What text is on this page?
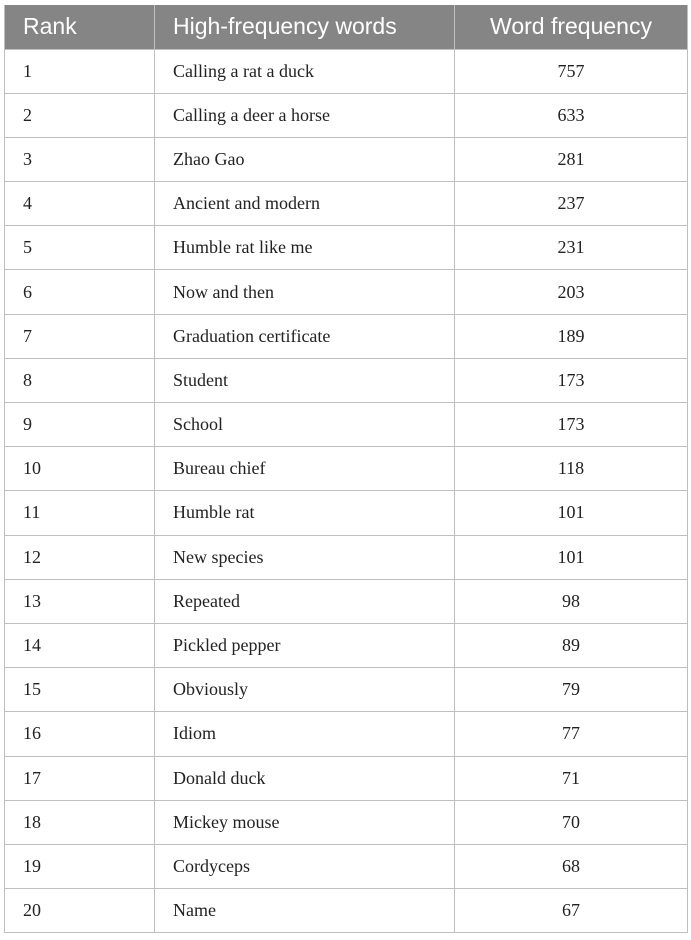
Rank	High-frequency words	Word frequency
1	Calling a rat a duck	757
2	Calling a deer a horse	633
3	Zhao Gao	281
4	Ancient and modern	237
5	Humble rat like me	231
6	Now and then	203
7	Graduation certificate	189
8	Student	173
9	School	173
10	Bureau chief	118
11	Humble rat	101
12	New species	101
13	Repeated	98
14	Pickled pepper	89
15	Obviously	79
16	Idiom	77
17	Donald duck	71
18	Mickey mouse	70
19	Cordyceps	68
20	Name	67
